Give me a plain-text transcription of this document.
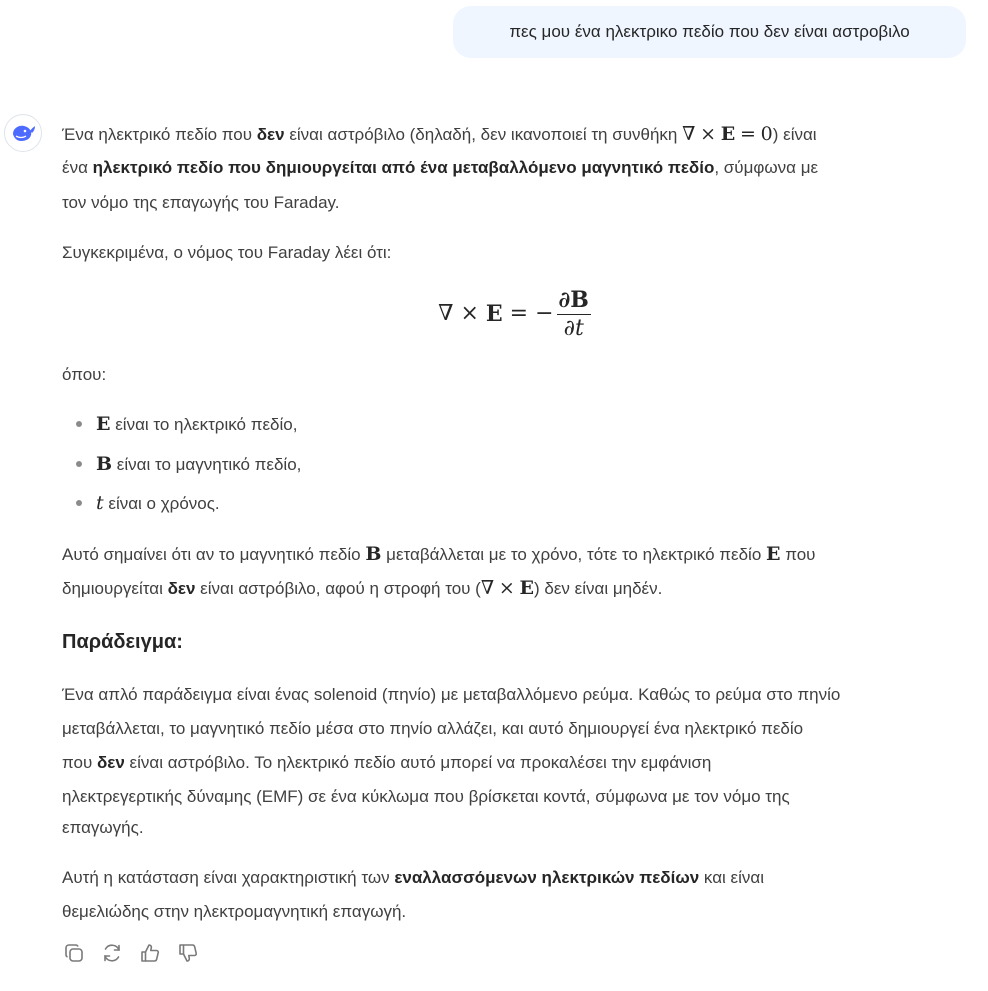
πες μου ένα ηλεκτρικο πεδίο που δεν είναι αστροβιλο

Ένα ηλεκτρικό πεδίο που δεν είναι αστρόβιλο (δηλαδή, δεν ικανοποιεί τη συνθήκη ∇ × E = 0) είναι

ένα ηλεκτρικό πεδίο που δημιουργείται από ένα μεταβαλλόμενο μαγνητικό πεδίο, σύμφωνα με

τον νόμο της επαγωγής του Faraday.

Συγκεκριμένα, ο νόμος του Faraday λέει ότι:

∇
×
E
=
− $\frac{\partial B}{\partial t}$

όπου:

E είναι το ηλεκτρικό πεδίο,

B είναι το μαγνητικό πεδίο,

t είναι ο χρόνος.

Αυτό σημαίνει ότι αν το μαγνητικό πεδίο B μεταβάλλεται με το χρόνο, τότε το ηλεκτρικό πεδίο E που

δημιουργείται δεν είναι αστρόβιλο, αφού η στροφή του (∇ × E) δεν είναι μηδέν.

Παράδειγμα:

Ένα απλό παράδειγμα είναι ένας solenoid (πηνίο) με μεταβαλλόμενο ρεύμα. Καθώς το ρεύμα στο πηνίο

μεταβάλλεται, το μαγνητικό πεδίο μέσα στο πηνίο αλλάζει, και αυτό δημιουργεί ένα ηλεκτρικό πεδίο

που δεν είναι αστρόβιλο. Το ηλεκτρικό πεδίο αυτό μπορεί να προκαλέσει την εμφάνιση

ηλεκτρεγερτικής δύναμης (EMF) σε ένα κύκλωμα που βρίσκεται κοντά, σύμφωνα με τον νόμο της

επαγωγής.

Αυτή η κατάσταση είναι χαρακτηριστική των εναλλασσόμενων ηλεκτρικών πεδίων και είναι

θεμελιώδης στην ηλεκτρομαγνητική επαγωγή.
